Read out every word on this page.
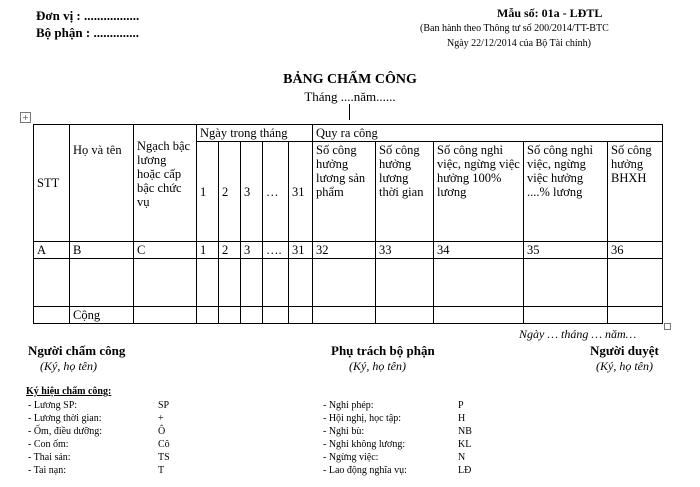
Đơn vị : .................
Bộ phận : ..............
Mẫu số: 01a - LĐTL
(Ban hành theo Thông tư số 200/2014/TT-BTC
Ngày 22/12/2014 của Bộ Tài chính)
BẢNG CHẤM CÔNG
Tháng ....năm......
+
STT	Họ và tên	Ngạch bậc lương hoặc cấp bậc chức vụ	Ngày trong tháng					Quy ra công				
			1	2	3	…	31	Số công hưởng lương sản phẩm	Số công hưởng lương thời gian	Số công nghỉ việc, ngừng việc hưởng 100% lương	Số công nghỉ việc, ngừng việc hưởng ....% lương	Số công hưởng BHXH
A	B	C	1	2	3	….	31	32	33	34	35	36

	Cộng											
Ngày … tháng … năm…
Người chấm công
(Ký, họ tên)
Phụ trách bộ phận
(Ký, họ tên)
Người duyệt
(Ký, họ tên)
Ký hiệu chấm công:
- Lương SP:	SP
- Lương thời gian:	+
- Ốm, điều dưỡng:	Ô
- Con ốm:	Cô
- Thai sản:	TS
- Tai nạn:	T
- Nghỉ phép:	P
- Hội nghị, học tập:	H
- Nghỉ bù:	NB
- Nghỉ không lương:	KL
- Ngừng việc:	N
- Lao động nghĩa vụ:	LĐ
